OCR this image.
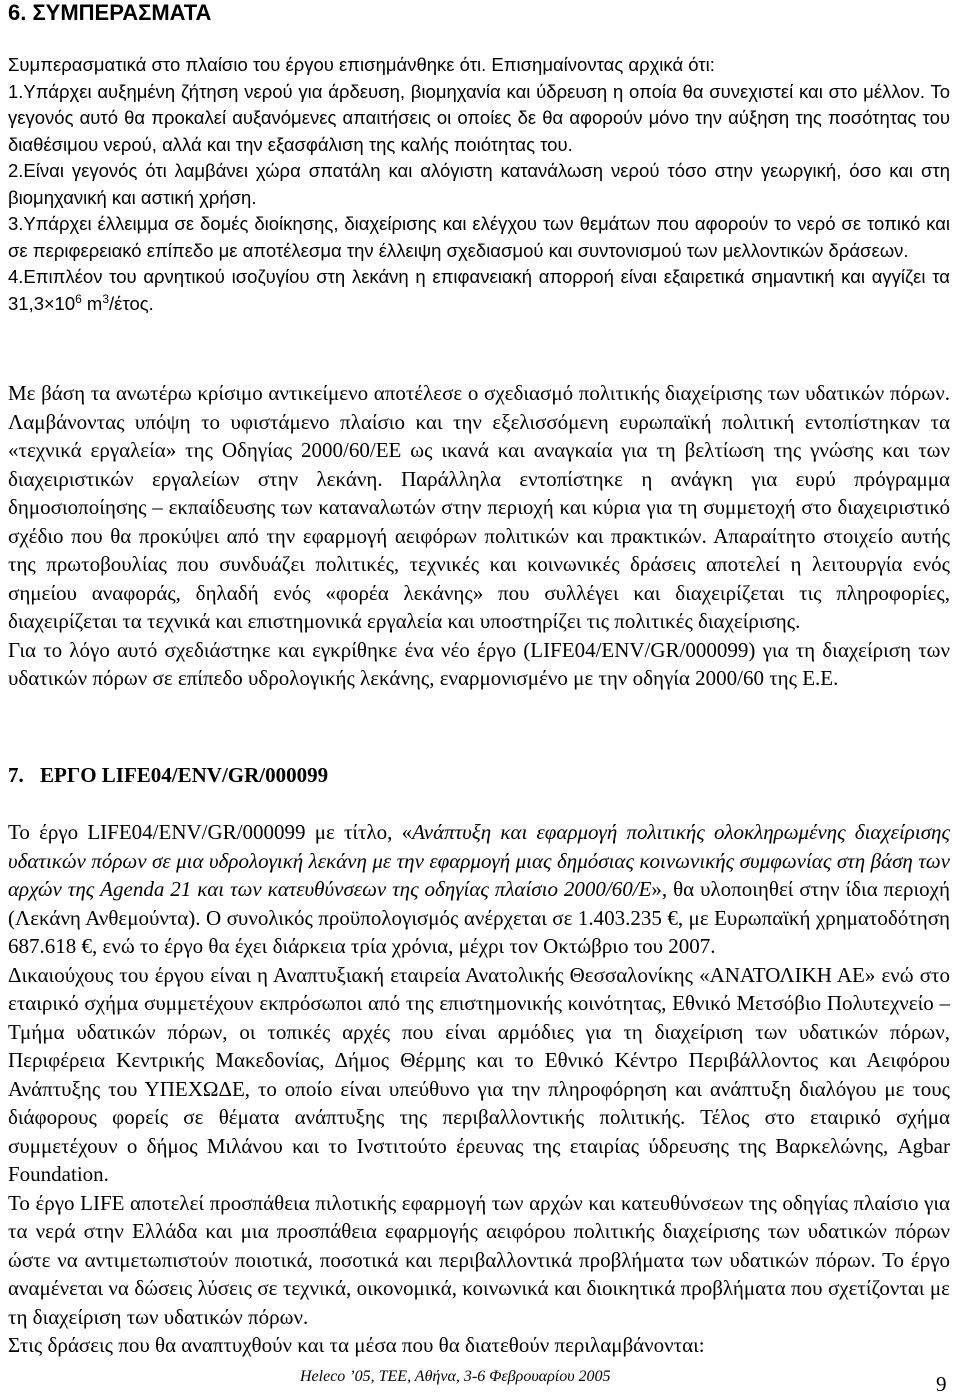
6. ΣΥΜΠΕΡΑΣΜΑΤΑ

Συμπερασματικά στο πλαίσιο του έργου επισημάνθηκε ότι. Επισημαίνοντας αρχικά ότι:

1.Υπάρχει αυξημένη ζήτηση νερού για άρδευση, βιομηχανία και ύδρευση η οποία θα συνεχιστεί και στο μέλλον. Το γεγονός αυτό θα προκαλεί αυξανόμενες απαιτήσεις οι οποίες δε θα αφορούν μόνο την αύξηση της ποσότητας του διαθέσιμου νερού, αλλά και την εξασφάλιση της καλής ποιότητας του.

2.Είναι γεγονός ότι λαμβάνει χώρα σπατάλη και αλόγιστη κατανάλωση νερού τόσο στην γεωργική, όσο και στη βιομηχανική και αστική χρήση.

3.Υπάρχει έλλειμμα σε δομές διοίκησης, διαχείρισης και ελέγχου των θεμάτων που αφορούν το νερό σε τοπικό και σε περιφερειακό επίπεδο με αποτέλεσμα την έλλειψη σχεδιασμού και συντονισμού των μελλοντικών δράσεων.

4.Επιπλέον του αρνητικού ισοζυγίου στη λεκάνη η επιφανειακή απορροή είναι εξαιρετικά σημαντική και αγγίζει τα $31,3\times 10^6$ $m^3$/έτος.

Με βάση τα ανωτέρω κρίσιμο αντικείμενο αποτέλεσε ο σχεδιασμό πολιτικής διαχείρισης των υδατικών πόρων. Λαμβάνοντας υπόψη το υφιστάμενο πλαίσιο και την εξελισσόμενη ευρωπαϊκή πολιτική εντοπίστηκαν τα «τεχνικά εργαλεία» της Οδηγίας 2000/60/ΕΕ ως ικανά και αναγκαία για τη βελτίωση της γνώσης και των διαχειριστικών εργαλείων στην λεκάνη. Παράλληλα εντοπίστηκε η ανάγκη για ευρύ πρόγραμμα δημοσιοποίησης – εκπαίδευσης των καταναλωτών στην περιοχή και κύρια για τη συμμετοχή στο διαχειριστικό σχέδιο που θα προκύψει από την εφαρμογή αειφόρων πολιτικών και πρακτικών. Απαραίτητο στοιχείο αυτής της πρωτοβουλίας που συνδυάζει πολιτικές, τεχνικές και κοινωνικές δράσεις αποτελεί η λειτουργία ενός σημείου αναφοράς, δηλαδή ενός «φορέα λεκάνης» που συλλέγει και διαχειρίζεται τις πληροφορίες, διαχειρίζεται τα τεχνικά και επιστημονικά εργαλεία και υποστηρίζει τις πολιτικές διαχείρισης.

Για το λόγο αυτό σχεδιάστηκε και εγκρίθηκε ένα νέο έργο (LIFE04/ENV/GR/000099) για τη διαχείριση των υδατικών πόρων σε επίπεδο υδρολογικής λεκάνης, εναρμονισμένο με την οδηγία 2000/60 της Ε.Ε.

7. ΕΡΓΟ LIFE04/ENV/GR/000099

Το έργο LIFE04/ENV/GR/000099 με τίτλο, «Ανάπτυξη και εφαρμογή πολιτικής ολοκληρωμένης διαχείρισης υδατικών πόρων σε μια υδρολογική λεκάνη με την εφαρμογή μιας δημόσιας κοινωνικής συμφωνίας στη βάση των αρχών της Agenda 21 και των κατευθύνσεων της οδηγίας πλαίσιο 2000/60/Ε», θα υλοποιηθεί στην ίδια περιοχή (Λεκάνη Ανθεμούντα). Ο συνολικός προϋπολογισμός ανέρχεται σε 1.403.235 €, με Ευρωπαϊκή χρηματοδότηση 687.618 €, ενώ το έργο θα έχει διάρκεια τρία χρόνια, μέχρι τον Οκτώβριο του 2007.

Δικαιούχους του έργου είναι η Αναπτυξιακή εταιρεία Ανατολικής Θεσσαλονίκης «ΑΝΑΤΟΛΙΚΗ ΑΕ» ενώ στο εταιρικό σχήμα συμμετέχουν εκπρόσωποι από της επιστημονικής κοινότητας, Εθνικό Μετσόβιο Πολυτεχνείο – Τμήμα υδατικών πόρων, οι τοπικές αρχές που είναι αρμόδιες για τη διαχείριση των υδατικών πόρων, Περιφέρεια Κεντρικής Μακεδονίας, Δήμος Θέρμης και το Εθνικό Κέντρο Περιβάλλοντος και Αειφόρου Ανάπτυξης του ΥΠΕΧΩΔΕ, το οποίο είναι υπεύθυνο για την πληροφόρηση και ανάπτυξη διαλόγου με τους διάφορους φορείς σε θέματα ανάπτυξης της περιβαλλοντικής πολιτικής. Τέλος στο εταιρικό σχήμα συμμετέχουν ο δήμος Μιλάνου και το Ινστιτούτο έρευνας της εταιρίας ύδρευσης της Βαρκελώνης, Agbar Foundation.

Το έργο LIFE αποτελεί προσπάθεια πιλοτικής εφαρμογή των αρχών και κατευθύνσεων της οδηγίας πλαίσιο για τα νερά στην Ελλάδα και μια προσπάθεια εφαρμογής αειφόρου πολιτικής διαχείρισης των υδατικών πόρων ώστε να αντιμετωπιστούν ποιοτικά, ποσοτικά και περιβαλλοντικά προβλήματα των υδατικών πόρων. Το έργο αναμένεται να δώσεις λύσεις σε τεχνικά, οικονομικά, κοινωνικά και διοικητικά προβλήματα που σχετίζονται με τη διαχείριση των υδατικών πόρων.

Στις δράσεις που θα αναπτυχθούν και τα μέσα που θα διατεθούν περιλαμβάνονται:

Heleco ’05, ΤΕΕ, Αθήνα, 3-6 Φεβρουαρίου 2005	9
